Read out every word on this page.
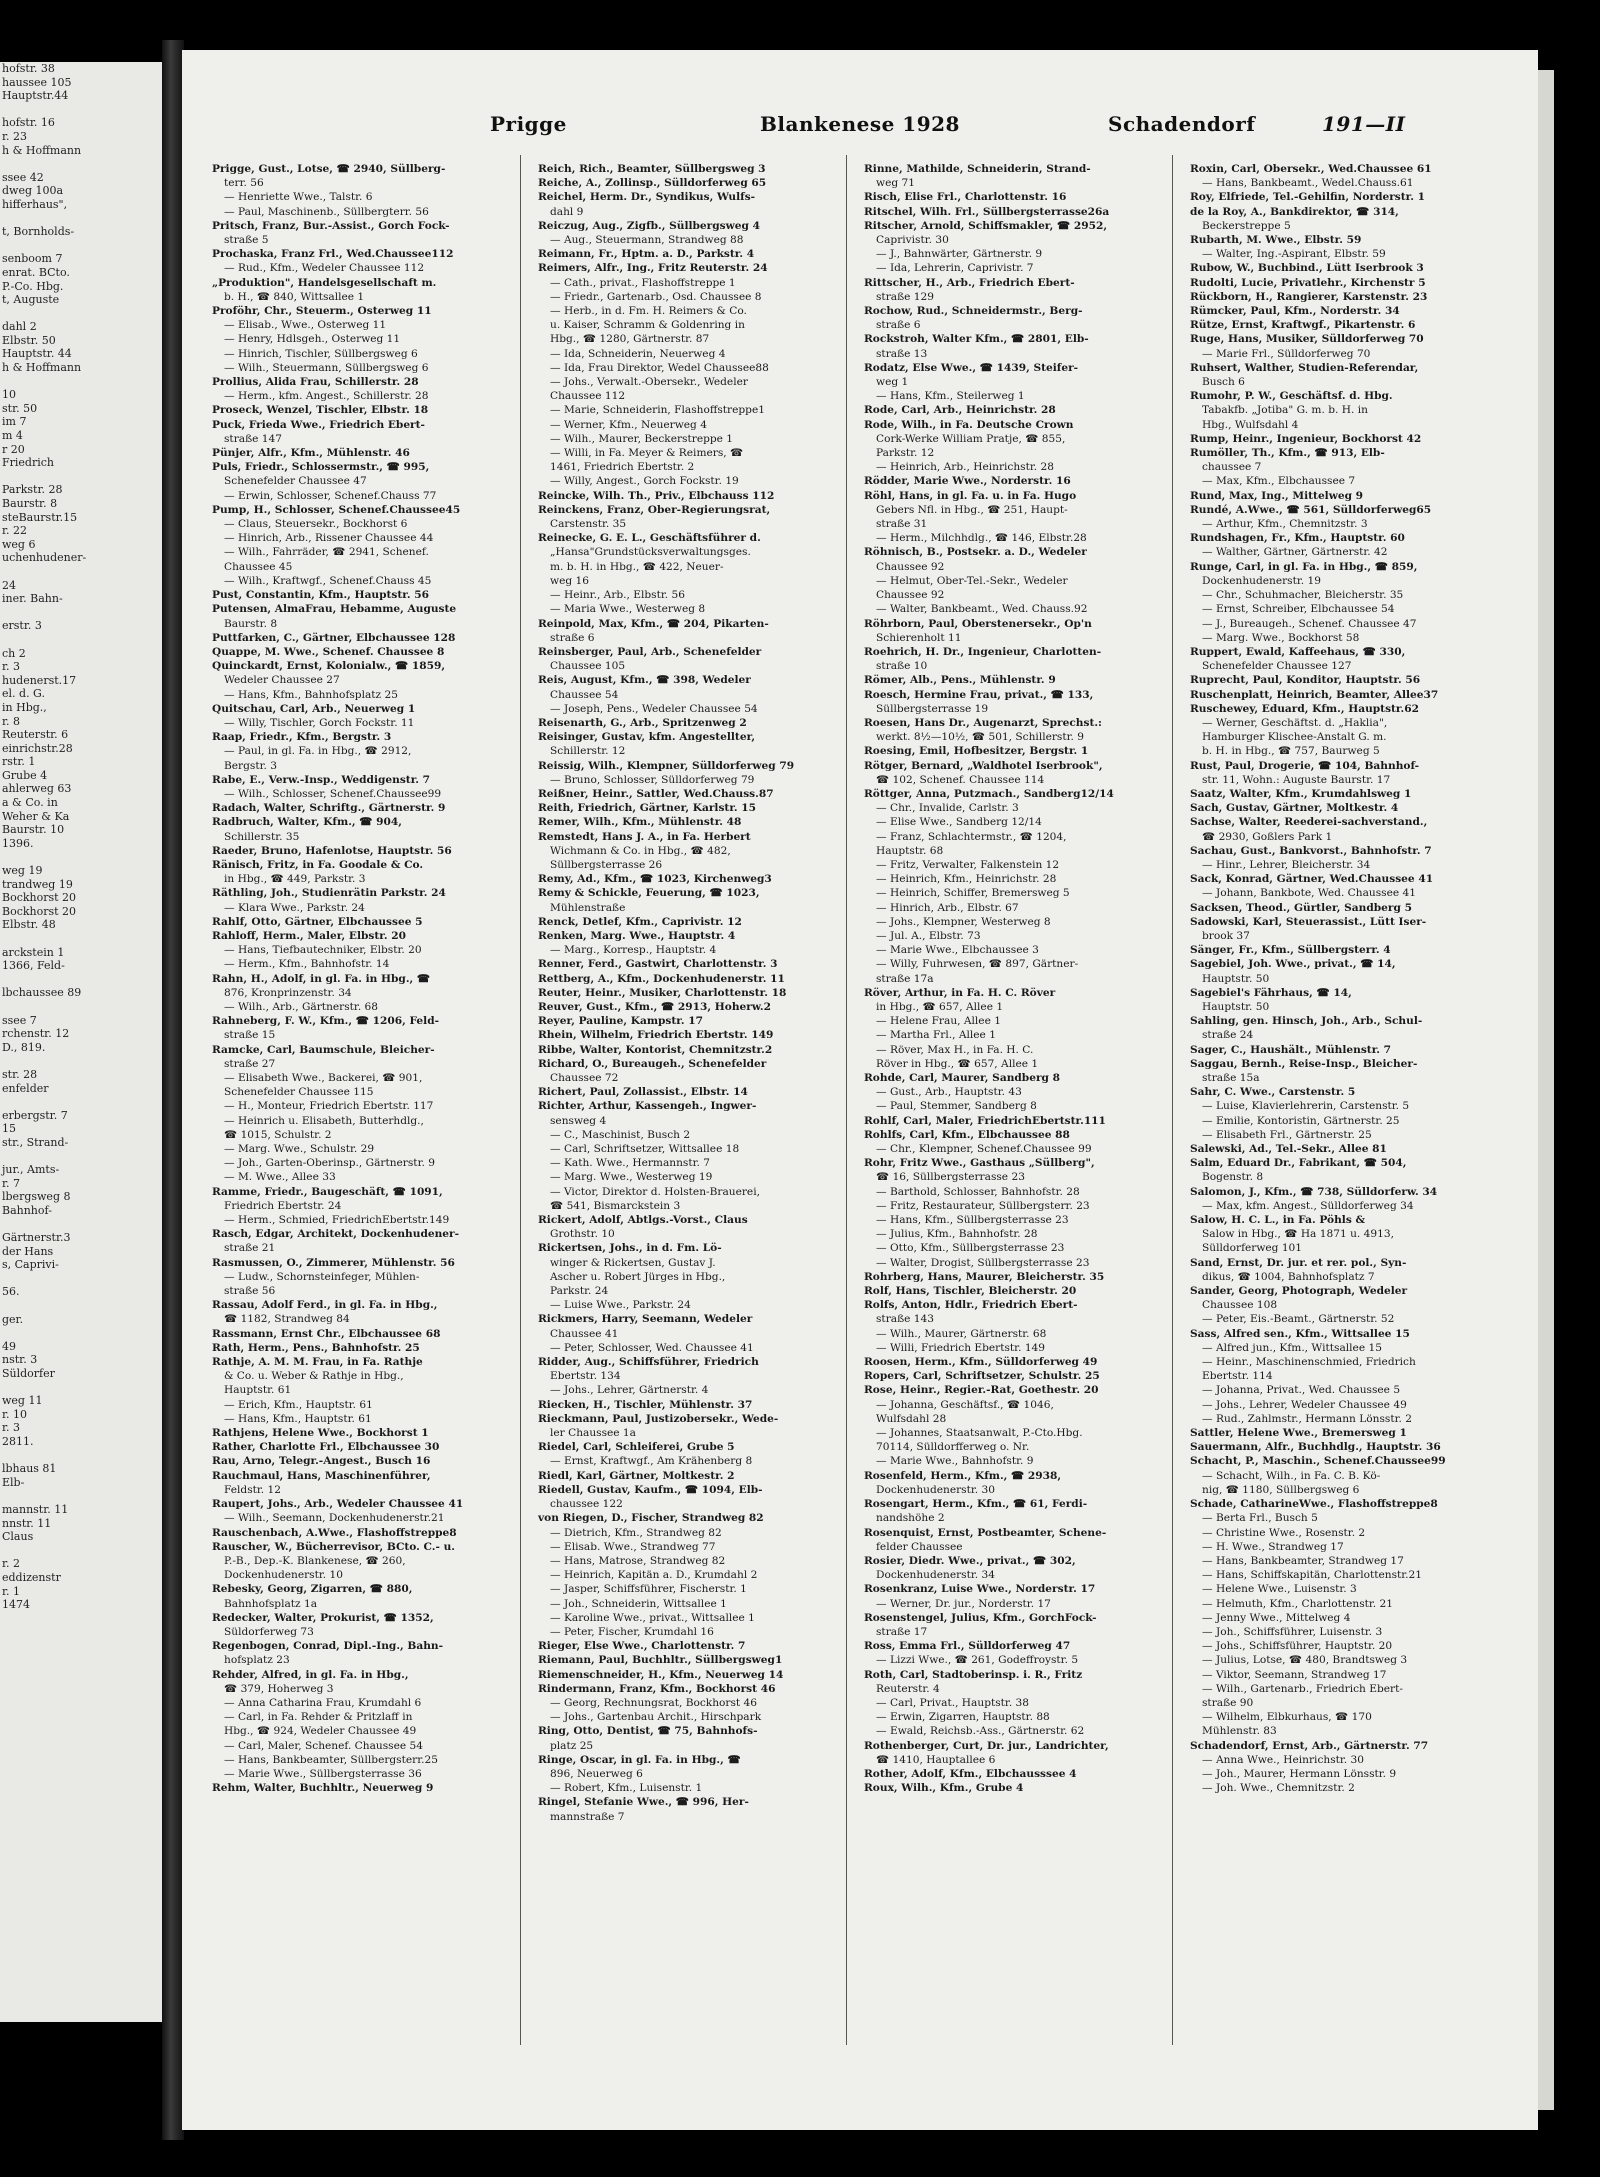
hofstr. 38
haussee 105
Hauptstr.44

hofstr. 16
r. 23
h & Hoffmann

ssee 42
dweg 100a
hifferhaus",

t, Bornholds-

senboom 7
enrat. BCto.
P.-Co. Hbg.
t, Auguste

dahl 2
Elbstr. 50
Hauptstr. 44
h & Hoffmann

10
str. 50
im 7
m 4
r 20
Friedrich

Parkstr. 28
Baurstr. 8
steBaurstr.15
r. 22
weg 6
uchenhudener-

24
iner. Bahn-

erstr. 3

ch 2
r. 3
hudenerst.17
el. d. G.
in Hbg.,
r. 8
Reuterstr. 6
einrichstr.28
rstr. 1
Grube 4
ahlerweg 63
a & Co. in
Weher & Ka
Baurstr. 10
1396.

weg 19
trandweg 19
Bockhorst 20
Bockhorst 20
Elbstr. 48

arckstein 1
1366, Feld-

lbchaussee 89

ssee 7
rchenstr. 12
D., 819.

str. 28
enfelder

erbergstr. 7
15
str., Strand-

jur., Amts-
r. 7
lbergsweg 8
Bahnhof-

Gärtnerstr.3
der Hans
s, Caprivi-

56.

ger.

49
nstr. 3
Süldorfer

weg 11
r. 10
r. 3
2811.

lbhaus 81
Elb-

mannstr. 11
nnstr. 11
Claus

r. 2
eddizenstr
r. 1
1474
Prigge	Blankenese 1928	Schadendorf	191—II
Prigge, Gust., Lotse, ☎ 2940, Süllberg-
terr. 56
— Henriette Wwe., Talstr. 6
— Paul, Maschinenb., Süllbergterr. 56
Pritsch, Franz, Bur.-Assist., Gorch Fock-
straße 5
Prochaska, Franz Frl., Wed.Chaussee112
— Rud., Kfm., Wedeler Chaussee 112
„Produktion", Handelsgesellschaft m.
b. H., ☎ 840, Wittsallee 1
Proföhr, Chr., Steuerm., Osterweg 11
— Elisab., Wwe., Osterweg 11
— Henry, Hdlsgeh., Osterweg 11
— Hinrich, Tischler, Süllbergsweg 6
— Wilh., Steuermann, Süllbergsweg 6
Prollius, Alida Frau, Schillerstr. 28
— Herm., kfm. Angest., Schillerstr. 28
Proseck, Wenzel, Tischler, Elbstr. 18
Puck, Frieda Wwe., Friedrich Ebert-
straße 147
Pünjer, Alfr., Kfm., Mühlenstr. 46
Puls, Friedr., Schlossermstr., ☎ 995,
Schenefelder Chaussee 47
— Erwin, Schlosser, Schenef.Chauss 77
Pump, H., Schlosser, Schenef.Chaussee45
— Claus, Steuersekr., Bockhorst 6
— Hinrich, Arb., Rissener Chaussee 44
— Wilh., Fahrräder, ☎ 2941, Schenef.
Chaussee 45
— Wilh., Kraftwgf., Schenef.Chauss 45
Pust, Constantin, Kfm., Hauptstr. 56
Putensen, AlmaFrau, Hebamme, Auguste
Baurstr. 8
Puttfarken, C., Gärtner, Elbchaussee 128
Quappe, M. Wwe., Schenef. Chaussee 8
Quinckardt, Ernst, Kolonialw., ☎ 1859,
Wedeler Chaussee 27
— Hans, Kfm., Bahnhofsplatz 25
Quitschau, Carl, Arb., Neuerweg 1
— Willy, Tischler, Gorch Fockstr. 11
Raap, Friedr., Kfm., Bergstr. 3
— Paul, in gl. Fa. in Hbg., ☎ 2912,
Bergstr. 3
Rabe, E., Verw.-Insp., Weddigenstr. 7
— Wilh., Schlosser, Schenef.Chaussee99
Radach, Walter, Schriftg., Gärtnerstr. 9
Radbruch, Walter, Kfm., ☎ 904,
Schillerstr. 35
Raeder, Bruno, Hafenlotse, Hauptstr. 56
Ränisch, Fritz, in Fa. Goodale & Co.
in Hbg., ☎ 449, Parkstr. 3
Räthling, Joh., Studienrätin Parkstr. 24
— Klara Wwe., Parkstr. 24
Rahlf, Otto, Gärtner, Elbchaussee 5
Rahloff, Herm., Maler, Elbstr. 20
— Hans, Tiefbautechniker, Elbstr. 20
— Herm., Kfm., Bahnhofstr. 14
Rahn, H., Adolf, in gl. Fa. in Hbg., ☎
876, Kronprinzenstr. 34
— Wilh., Arb., Gärtnerstr. 68
Rahneberg, F. W., Kfm., ☎ 1206, Feld-
straße 15
Ramcke, Carl, Baumschule, Bleicher-
straße 27
— Elisabeth Wwe., Backerei, ☎ 901,
Schenefelder Chaussee 115
— H., Monteur, Friedrich Ebertstr. 117
— Heinrich u. Elisabeth, Butterhdlg.,
☎ 1015, Schulstr. 2
— Marg. Wwe., Schulstr. 29
— Joh., Garten-Oberinsp., Gärtnerstr. 9
— M. Wwe., Allee 33
Ramme, Friedr., Baugeschäft, ☎ 1091,
Friedrich Ebertstr. 24
— Herm., Schmied, FriedrichEbertstr.149
Rasch, Edgar, Architekt, Dockenhudener-
straße 21
Rasmussen, O., Zimmerer, Mühlenstr. 56
— Ludw., Schornsteinfeger, Mühlen-
straße 56
Rassau, Adolf Ferd., in gl. Fa. in Hbg.,
☎ 1182, Strandweg 84
Rassmann, Ernst Chr., Elbchaussee 68
Rath, Herm., Pens., Bahnhofstr. 25
Rathje, A. M. M. Frau, in Fa. Rathje
& Co. u. Weber & Rathje in Hbg.,
Hauptstr. 61
— Erich, Kfm., Hauptstr. 61
— Hans, Kfm., Hauptstr. 61
Rathjens, Helene Wwe., Bockhorst 1
Rather, Charlotte Frl., Elbchaussee 30
Rau, Arno, Telegr.-Angest., Busch 16
Rauchmaul, Hans, Maschinenführer,
Feldstr. 12
Raupert, Johs., Arb., Wedeler Chaussee 41
— Wilh., Seemann, Dockenhudenerstr.21
Rauschenbach, A.Wwe., Flashoffstreppe8
Rauscher, W., Bücherrevisor, BCto. C.- u.
P.-B., Dep.-K. Blankenese, ☎ 260,
Dockenhudenerstr. 10
Rebesky, Georg, Zigarren, ☎ 880,
Bahnhofsplatz 1a
Redecker, Walter, Prokurist, ☎ 1352,
Süldorferweg 73
Regenbogen, Conrad, Dipl.-Ing., Bahn-
hofsplatz 23
Rehder, Alfred, in gl. Fa. in Hbg.,
☎ 379, Hoherweg 3
— Anna Catharina Frau, Krumdahl 6
— Carl, in Fa. Rehder & Pritzlaff in
Hbg., ☎ 924, Wedeler Chaussee 49
— Carl, Maler, Schenef. Chaussee 54
— Hans, Bankbeamter, Süllbergsterr.25
— Marie Wwe., Süllbergsterrasse 36
Rehm, Walter, Buchhltr., Neuerweg 9
Reich, Rich., Beamter, Süllbergsweg 3
Reiche, A., Zollinsp., Sülldorferweg 65
Reichel, Herm. Dr., Syndikus, Wulfs-
dahl 9
Reiczug, Aug., Zigfb., Süllbergsweg 4
— Aug., Steuermann, Strandweg 88
Reimann, Fr., Hptm. a. D., Parkstr. 4
Reimers, Alfr., Ing., Fritz Reuterstr. 24
— Cath., privat., Flashoffstreppe 1
— Friedr., Gartenarb., Osd. Chaussee 8
— Herb., in d. Fm. H. Reimers & Co.
u. Kaiser, Schramm & Goldenring in
Hbg., ☎ 1280, Gärtnerstr. 87
— Ida, Schneiderin, Neuerweg 4
— Ida, Frau Direktor, Wedel Chaussee88
— Johs., Verwalt.-Obersekr., Wedeler
Chaussee 112
— Marie, Schneiderin, Flashoffstreppe1
— Werner, Kfm., Neuerweg 4
— Wilh., Maurer, Beckerstreppe 1
— Willi, in Fa. Meyer & Reimers, ☎
1461, Friedrich Ebertstr. 2
— Willy, Angest., Gorch Fockstr. 19
Reincke, Wilh. Th., Priv., Elbchauss 112
Reinckens, Franz, Ober-Regierungsrat,
Carstenstr. 35
Reinecke, G. E. L., Geschäftsführer d.
„Hansa"Grundstücksverwaltungsges.
m. b. H. in Hbg., ☎ 422, Neuer-
weg 16
— Heinr., Arb., Elbstr. 56
— Maria Wwe., Westerweg 8
Reinpold, Max, Kfm., ☎ 204, Pikarten-
straße 6
Reinsberger, Paul, Arb., Schenefelder
Chaussee 105
Reis, August, Kfm., ☎ 398, Wedeler
Chaussee 54
— Joseph, Pens., Wedeler Chaussee 54
Reisenarth, G., Arb., Spritzenweg 2
Reisinger, Gustav, kfm. Angestellter,
Schillerstr. 12
Reissig, Wilh., Klempner, Sülldorferweg 79
— Bruno, Schlosser, Sülldorferweg 79
Reißner, Heinr., Sattler, Wed.Chauss.87
Reith, Friedrich, Gärtner, Karlstr. 15
Remer, Wilh., Kfm., Mühlenstr. 48
Remstedt, Hans J. A., in Fa. Herbert
Wichmann & Co. in Hbg., ☎ 482,
Süllbergsterrasse 26
Remy, Ad., Kfm., ☎ 1023, Kirchenweg3
Remy & Schickle, Feuerung, ☎ 1023,
Mühlenstraße
Renck, Detlef, Kfm., Caprivistr. 12
Renken, Marg. Wwe., Hauptstr. 4
— Marg., Korresp., Hauptstr. 4
Renner, Ferd., Gastwirt, Charlottenstr. 3
Rettberg, A., Kfm., Dockenhudenerstr. 11
Reuter, Heinr., Musiker, Charlottenstr. 18
Reuver, Gust., Kfm., ☎ 2913, Hoherw.2
Reyer, Pauline, Kampstr. 17
Rhein, Wilhelm, Friedrich Ebertstr. 149
Ribbe, Walter, Kontorist, Chemnitzstr.2
Richard, O., Bureaugeh., Schenefelder
Chaussee 72
Richert, Paul, Zollassist., Elbstr. 14
Richter, Arthur, Kassengeh., Ingwer-
sensweg 4
— C., Maschinist, Busch 2
— Carl, Schriftsetzer, Wittsallee 18
— Kath. Wwe., Hermannstr. 7
— Marg. Wwe., Westerweg 19
— Victor, Direktor d. Holsten-Brauerei,
☎ 541, Bismarckstein 3
Rickert, Adolf, Abtlgs.-Vorst., Claus
Grothstr. 10
Rickertsen, Johs., in d. Fm. Lö-
winger & Rickertsen, Gustav J.
Ascher u. Robert Jürges in Hbg.,
Parkstr. 24
— Luise Wwe., Parkstr. 24
Rickmers, Harry, Seemann, Wedeler
Chaussee 41
— Peter, Schlosser, Wed. Chaussee 41
Ridder, Aug., Schiffsführer, Friedrich
Ebertstr. 134
— Johs., Lehrer, Gärtnerstr. 4
Riecken, H., Tischler, Mühlenstr. 37
Rieckmann, Paul, Justizobersekr., Wede-
ler Chaussee 1a
Riedel, Carl, Schleiferei, Grube 5
— Ernst, Kraftwgf., Am Krähenberg 8
Riedl, Karl, Gärtner, Moltkestr. 2
Riedell, Gustav, Kaufm., ☎ 1094, Elb-
chaussee 122
von Riegen, D., Fischer, Strandweg 82
— Dietrich, Kfm., Strandweg 82
— Elisab. Wwe., Strandweg 77
— Hans, Matrose, Strandweg 82
— Heinrich, Kapitän a. D., Krumdahl 2
— Jasper, Schiffsführer, Fischerstr. 1
— Joh., Schneiderin, Wittsallee 1
— Karoline Wwe., privat., Wittsallee 1
— Peter, Fischer, Krumdahl 16
Rieger, Else Wwe., Charlottenstr. 7
Riemann, Paul, Buchhltr., Süllbergsweg1
Riemenschneider, H., Kfm., Neuerweg 14
Rindermann, Franz, Kfm., Bockhorst 46
— Georg, Rechnungsrat, Bockhorst 46
— Johs., Gartenbau Archit., Hirschpark
Ring, Otto, Dentist, ☎ 75, Bahnhofs-
platz 25
Ringe, Oscar, in gl. Fa. in Hbg., ☎
896, Neuerweg 6
— Robert, Kfm., Luisenstr. 1
Ringel, Stefanie Wwe., ☎ 996, Her-
mannstraße 7
Rinne, Mathilde, Schneiderin, Strand-
weg 71
Risch, Elise Frl., Charlottenstr. 16
Ritschel, Wilh. Frl., Süllbergsterrasse26a
Ritscher, Arnold, Schiffsmakler, ☎ 2952,
Caprivistr. 30
— J., Bahnwärter, Gärtnerstr. 9
— Ida, Lehrerin, Caprivistr. 7
Rittscher, H., Arb., Friedrich Ebert-
straße 129
Rochow, Rud., Schneidermstr., Berg-
straße 6
Rockstroh, Walter Kfm., ☎ 2801, Elb-
straße 13
Rodatz, Else Wwe., ☎ 1439, Steifer-
weg 1
— Hans, Kfm., Steilerweg 1
Rode, Carl, Arb., Heinrichstr. 28
Rode, Wilh., in Fa. Deutsche Crown
Cork-Werke William Pratje, ☎ 855,
Parkstr. 12
— Heinrich, Arb., Heinrichstr. 28
Rödder, Marie Wwe., Norderstr. 16
Röhl, Hans, in gl. Fa. u. in Fa. Hugo
Gebers Nfl. in Hbg., ☎ 251, Haupt-
straße 31
— Herm., Milchhdlg., ☎ 146, Elbstr.28
Röhnisch, B., Postsekr. a. D., Wedeler
Chaussee 92
— Helmut, Ober-Tel.-Sekr., Wedeler
Chaussee 92
— Walter, Bankbeamt., Wed. Chauss.92
Röhrborn, Paul, Oberstenersekr., Op'n
Schierenholt 11
Roehrich, H. Dr., Ingenieur, Charlotten-
straße 10
Römer, Alb., Pens., Mühlenstr. 9
Roesch, Hermine Frau, privat., ☎ 133,
Süllbergsterrasse 19
Roesen, Hans Dr., Augenarzt, Sprechst.:
werkt. 8½—10½, ☎ 501, Schillerstr. 9
Roesing, Emil, Hofbesitzer, Bergstr. 1
Rötger, Bernard, „Waldhotel Iserbrook",
☎ 102, Schenef. Chaussee 114
Röttger, Anna, Putzmach., Sandberg12/14
— Chr., Invalide, Carlstr. 3
— Elise Wwe., Sandberg 12/14
— Franz, Schlachtermstr., ☎ 1204,
Hauptstr. 68
— Fritz, Verwalter, Falkenstein 12
— Heinrich, Kfm., Heinrichstr. 28
— Heinrich, Schiffer, Bremersweg 5
— Hinrich, Arb., Elbstr. 67
— Johs., Klempner, Westerweg 8
— Jul. A., Elbstr. 73
— Marie Wwe., Elbchaussee 3
— Willy, Fuhrwesen, ☎ 897, Gärtner-
straße 17a
Röver, Arthur, in Fa. H. C. Röver
in Hbg., ☎ 657, Allee 1
— Helene Frau, Allee 1
— Martha Frl., Allee 1
— Röver, Max H., in Fa. H. C.
Röver in Hbg., ☎ 657, Allee 1
Rohde, Carl, Maurer, Sandberg 8
— Gust., Arb., Hauptstr. 43
— Paul, Stemmer, Sandberg 8
Rohlf, Carl, Maler, FriedrichEbertstr.111
Rohlfs, Carl, Kfm., Elbchaussee 88
— Chr., Klempner, Schenef.Chaussee 99
Rohr, Fritz Wwe., Gasthaus „Süllberg",
☎ 16, Süllbergsterrasse 23
— Barthold, Schlosser, Bahnhofstr. 28
— Fritz, Restaurateur, Süllbergsterr. 23
— Hans, Kfm., Süllbergsterrasse 23
— Julius, Kfm., Bahnhofstr. 28
— Otto, Kfm., Süllbergsterrasse 23
— Walter, Drogist, Süllbergsterrasse 23
Rohrberg, Hans, Maurer, Bleicherstr. 35
Rolf, Hans, Tischler, Bleicherstr. 20
Rolfs, Anton, Hdlr., Friedrich Ebert-
straße 143
— Wilh., Maurer, Gärtnerstr. 68
— Willi, Friedrich Ebertstr. 149
Roosen, Herm., Kfm., Sülldorferweg 49
Ropers, Carl, Schriftsetzer, Schulstr. 25
Rose, Heinr., Regier.-Rat, Goethestr. 20
— Johanna, Geschäftsf., ☎ 1046,
Wulfsdahl 28
— Johannes, Staatsanwalt, P.-Cto.Hbg.
70114, Sülldorfferweg o. Nr.
— Marie Wwe., Bahnhofstr. 9
Rosenfeld, Herm., Kfm., ☎ 2938,
Dockenhudenerstr. 30
Rosengart, Herm., Kfm., ☎ 61, Ferdi-
nandshöhe 2
Rosenquist, Ernst, Postbeamter, Schene-
felder Chaussee
Rosier, Diedr. Wwe., privat., ☎ 302,
Dockenhudenerstr. 34
Rosenkranz, Luise Wwe., Norderstr. 17
— Werner, Dr. jur., Norderstr. 17
Rosenstengel, Julius, Kfm., GorchFock-
straße 17
Ross, Emma Frl., Sülldorferweg 47
— Lizzi Wwe., ☎ 261, Godeffroystr. 5
Roth, Carl, Stadtoberinsp. i. R., Fritz
Reuterstr. 4
— Carl, Privat., Hauptstr. 38
— Erwin, Zigarren, Hauptstr. 88
— Ewald, Reichsb.-Ass., Gärtnerstr. 62
Rothenberger, Curt, Dr. jur., Landrichter,
☎ 1410, Hauptallee 6
Rother, Adolf, Kfm., Elbchausssee 4
Roux, Wilh., Kfm., Grube 4
Roxin, Carl, Obersekr., Wed.Chaussee 61
— Hans, Bankbeamt., Wedel.Chauss.61
Roy, Elfriede, Tel.-Gehilfin, Norderstr. 1
de la Roy, A., Bankdirektor, ☎ 314,
Beckerstreppe 5
Rubarth, M. Wwe., Elbstr. 59
— Walter, Ing.-Aspirant, Elbstr. 59
Rubow, W., Buchbind., Lütt Iserbrook 3
Rudolti, Lucie, Privatlehr., Kirchenstr 5
Rückborn, H., Rangierer, Karstenstr. 23
Rümcker, Paul, Kfm., Norderstr. 34
Rütze, Ernst, Kraftwgf., Pikartenstr. 6
Ruge, Hans, Musiker, Sülldorferweg 70
— Marie Frl., Sülldorferweg 70
Ruhsert, Walther, Studien-Referendar,
Busch 6
Rumohr, P. W., Geschäftsf. d. Hbg.
Tabakfb. „Jotiba" G. m. b. H. in
Hbg., Wulfsdahl 4
Rump, Heinr., Ingenieur, Bockhorst 42
Rumöller, Th., Kfm., ☎ 913, Elb-
chaussee 7
— Max, Kfm., Elbchaussee 7
Rund, Max, Ing., Mittelweg 9
Rundé, A.Wwe., ☎ 561, Sülldorferweg65
— Arthur, Kfm., Chemnitzstr. 3
Rundshagen, Fr., Kfm., Hauptstr. 60
— Walther, Gärtner, Gärtnerstr. 42
Runge, Carl, in gl. Fa. in Hbg., ☎ 859,
Dockenhudenerstr. 19
— Chr., Schuhmacher, Bleicherstr. 35
— Ernst, Schreiber, Elbchaussee 54
— J., Bureaugeh., Schenef. Chaussee 47
— Marg. Wwe., Bockhorst 58
Ruppert, Ewald, Kaffeehaus, ☎ 330,
Schenefelder Chaussee 127
Ruprecht, Paul, Konditor, Hauptstr. 56
Ruschenplatt, Heinrich, Beamter, Allee37
Ruschewey, Eduard, Kfm., Hauptstr.62
— Werner, Geschäftst. d. „Haklia",
Hamburger Klischee-Anstalt G. m.
b. H. in Hbg., ☎ 757, Baurweg 5
Rust, Paul, Drogerie, ☎ 104, Bahnhof-
str. 11, Wohn.: Auguste Baurstr. 17
Saatz, Walter, Kfm., Krumdahlsweg 1
Sach, Gustav, Gärtner, Moltkestr. 4
Sachse, Walter, Reederei-sachverstand.,
☎ 2930, Goßlers Park 1
Sachau, Gust., Bankvorst., Bahnhofstr. 7
— Hinr., Lehrer, Bleicherstr. 34
Sack, Konrad, Gärtner, Wed.Chaussee 41
— Johann, Bankbote, Wed. Chaussee 41
Sacksen, Theod., Gürtler, Sandberg 5
Sadowski, Karl, Steuerassist., Lütt Iser-
brook 37
Sänger, Fr., Kfm., Süllbergsterr. 4
Sagebiel, Joh. Wwe., privat., ☎ 14,
Hauptstr. 50
Sagebiel's Fährhaus, ☎ 14,
Hauptstr. 50
Sahling, gen. Hinsch, Joh., Arb., Schul-
straße 24
Sager, C., Haushält., Mühlenstr. 7
Saggau, Bernh., Reise-Insp., Bleicher-
straße 15a
Sahr, C. Wwe., Carstenstr. 5
— Luise, Klavierlehrerin, Carstenstr. 5
— Emilie, Kontoristin, Gärtnerstr. 25
— Elisabeth Frl., Gärtnerstr. 25
Salewski, Ad., Tel.-Sekr., Allee 81
Salm, Eduard Dr., Fabrikant, ☎ 504,
Bogenstr. 8
Salomon, J., Kfm., ☎ 738, Sülldorferw. 34
— Max, kfm. Angest., Sülldorferweg 34
Salow, H. C. L., in Fa. Pöhls &
Salow in Hbg., ☎ Ha 1871 u. 4913,
Sülldorferweg 101
Sand, Ernst, Dr. jur. et rer. pol., Syn-
dikus, ☎ 1004, Bahnhofsplatz 7
Sander, Georg, Photograph, Wedeler
Chaussee 108
— Peter, Eis.-Beamt., Gärtnerstr. 52
Sass, Alfred sen., Kfm., Wittsallee 15
— Alfred jun., Kfm., Wittsallee 15
— Heinr., Maschinenschmied, Friedrich
Ebertstr. 114
— Johanna, Privat., Wed. Chaussee 5
— Johs., Lehrer, Wedeler Chaussee 49
— Rud., Zahlmstr., Hermann Lönsstr. 2
Sattler, Helene Wwe., Bremersweg 1
Sauermann, Alfr., Buchhdlg., Hauptstr. 36
Schacht, P., Maschin., Schenef.Chaussee99
— Schacht, Wilh., in Fa. C. B. Kö-
nig, ☎ 1180, Süllbergsweg 6
Schade, CatharineWwe., Flashoffstreppe8
— Berta Frl., Busch 5
— Christine Wwe., Rosenstr. 2
— H. Wwe., Strandweg 17
— Hans, Bankbeamter, Strandweg 17
— Hans, Schiffskapitän, Charlottenstr.21
— Helene Wwe., Luisenstr. 3
— Helmuth, Kfm., Charlottenstr. 21
— Jenny Wwe., Mittelweg 4
— Joh., Schiffsführer, Luisenstr. 3
— Johs., Schiffsführer, Hauptstr. 20
— Julius, Lotse, ☎ 480, Brandtsweg 3
— Viktor, Seemann, Strandweg 17
— Wilh., Gartenarb., Friedrich Ebert-
straße 90
— Wilhelm, Elbkurhaus, ☎ 170
Mühlenstr. 83
Schadendorf, Ernst, Arb., Gärtnerstr. 77
— Anna Wwe., Heinrichstr. 30
— Joh., Maurer, Hermann Lönsstr. 9
— Joh. Wwe., Chemnitzstr. 2
